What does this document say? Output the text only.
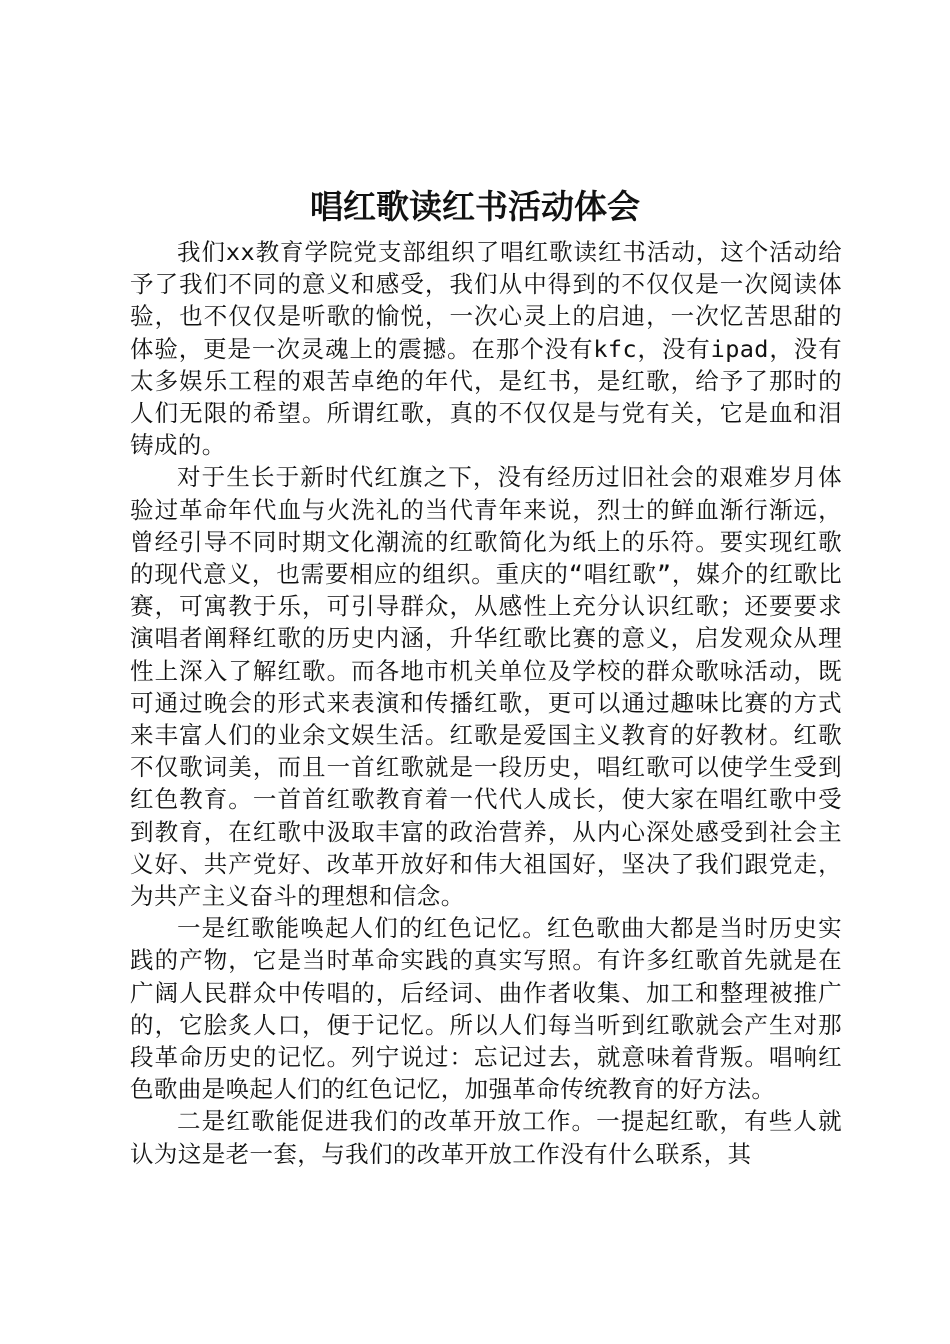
唱红歌读红书活动体会

我们xx教育学院党支部组织了唱红歌读红书活动，这个活动给予了我们不同的意义和感受，我们从中得到的不仅仅是一次阅读体验，也不仅仅是听歌的愉悦，一次心灵上的启迪，一次忆苦思甜的体验，更是一次灵魂上的震撼。在那个没有kfc，没有ipad，没有太多娱乐工程的艰苦卓绝的年代，是红书，是红歌，给予了那时的人们无限的希望。所谓红歌，真的不仅仅是与党有关，它是血和泪铸成的。

对于生长于新时代红旗之下，没有经历过旧社会的艰难岁月体验过革命年代血与火洗礼的当代青年来说，烈士的鲜血渐行渐远，曾经引导不同时期文化潮流的红歌简化为纸上的乐符。要实现红歌的现代意义，也需要相应的组织。重庆的“唱红歌”，媒介的红歌比赛，可寓教于乐，可引导群众，从感性上充分认识红歌；还要要求演唱者阐释红歌的历史内涵，升华红歌比赛的意义，启发观众从理性上深入了解红歌。而各地市机关单位及学校的群众歌咏活动，既可通过晚会的形式来表演和传播红歌，更可以通过趣味比赛的方式来丰富人们的业余文娱生活。红歌是爱国主义教育的好教材。红歌不仅歌词美，而且一首红歌就是一段历史，唱红歌可以使学生受到红色教育。一首首红歌教育着一代代人成长，使大家在唱红歌中受到教育，在红歌中汲取丰富的政治营养，从内心深处感受到社会主义好、共产党好、改革开放好和伟大祖国好，坚决了我们跟党走，为共产主义奋斗的理想和信念。

一是红歌能唤起人们的红色记忆。红色歌曲大都是当时历史实践的产物，它是当时革命实践的真实写照。有许多红歌首先就是在广阔人民群众中传唱的，后经词、曲作者收集、加工和整理被推广的，它脍炙人口，便于记忆。所以人们每当听到红歌就会产生对那段革命历史的记忆。列宁说过：忘记过去，就意味着背叛。唱响红色歌曲是唤起人们的红色记忆，加强革命传统教育的好方法。

二是红歌能促进我们的改革开放工作。一提起红歌，有些人就认为这是老一套，与我们的改革开放工作没有什么联系，其
